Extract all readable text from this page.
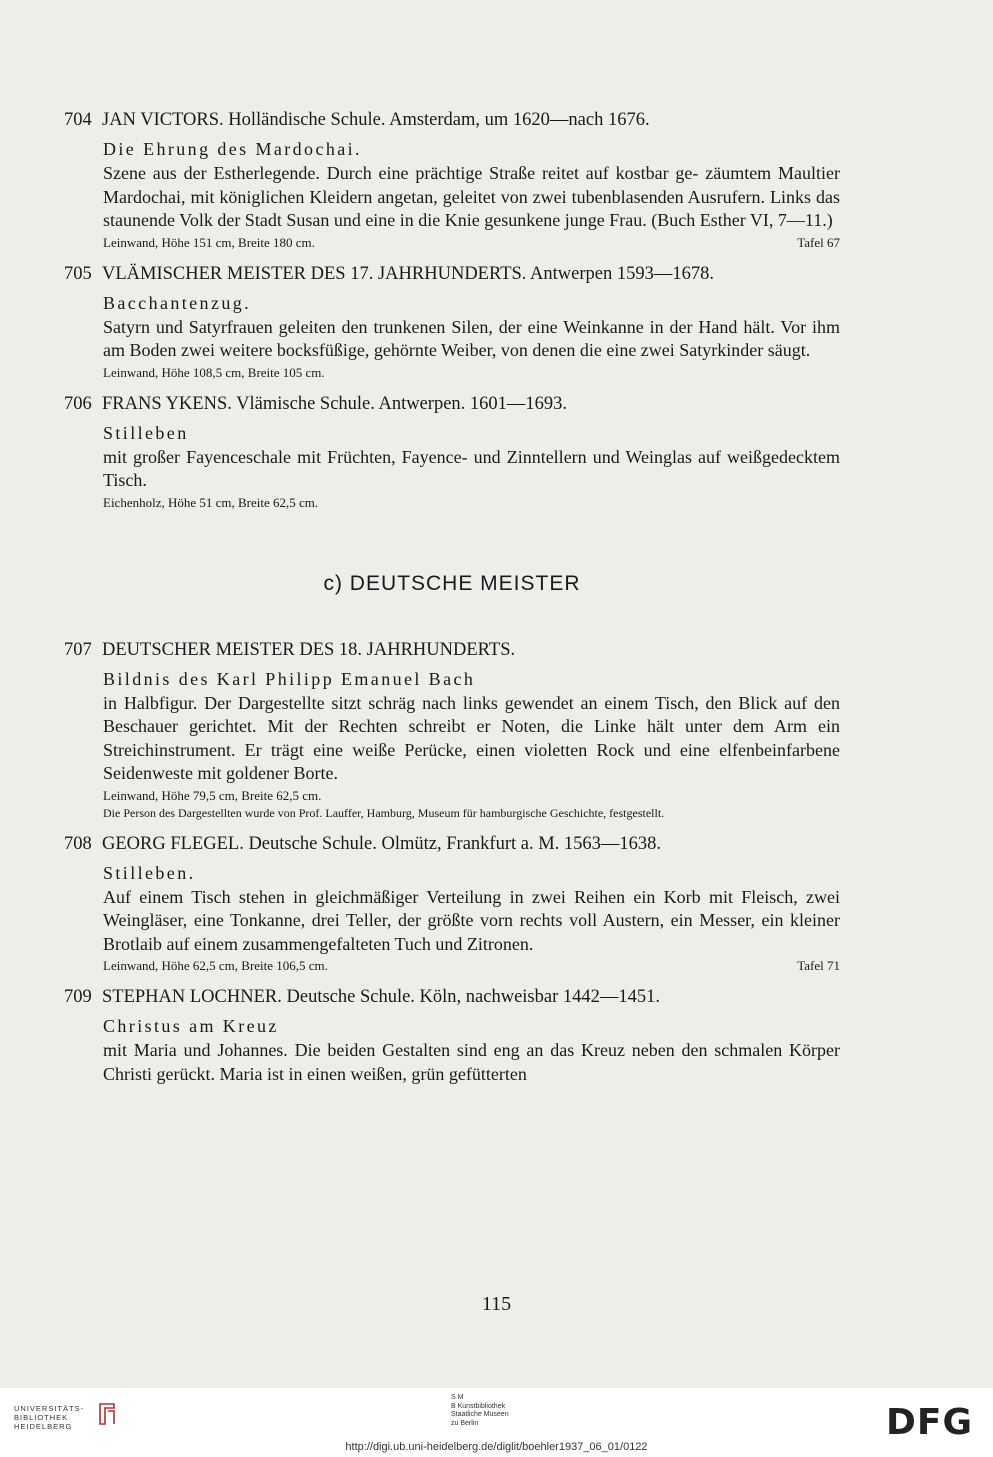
704 JAN VICTORS. Holländische Schule. Amsterdam, um 1620—nach 1676.
Die Ehrung des Mardochai.

Szene aus der Estherlegende. Durch eine prächtige Straße reitet auf kostbar ge- zäumtem Maultier Mardochai, mit königlichen Kleidern angetan, geleitet von zwei tubenblasenden Ausrufern. Links das staunende Volk der Stadt Susan und eine in die Knie gesunkene junge Frau. (Buch Esther VI, 7—11.)

Leinwand, Höhe 151 cm, Breite 180 cm.	Tafel 67
705 VLÄMISCHER MEISTER DES 17. JAHRHUNDERTS. Antwerpen 1593—1678.
Bacchantenzug.

Satyrn und Satyrfrauen geleiten den trunkenen Silen, der eine Weinkanne in der Hand hält. Vor ihm am Boden zwei weitere bocksfüßige, gehörnte Weiber, von denen die eine zwei Satyrkinder säugt.

Leinwand, Höhe 108,5 cm, Breite 105 cm.
706 FRANS YKENS. Vlämische Schule. Antwerpen. 1601—1693.
Stilleben

mit großer Fayenceschale mit Früchten, Fayence- und Zinntellern und Weinglas auf weißgedecktem Tisch.

Eichenholz, Höhe 51 cm, Breite 62,5 cm.
c) DEUTSCHE MEISTER
707 DEUTSCHER MEISTER DES 18. JAHRHUNDERTS.
Bildnis des Karl Philipp Emanuel Bach

in Halbfigur. Der Dargestellte sitzt schräg nach links gewendet an einem Tisch, den Blick auf den Beschauer gerichtet. Mit der Rechten schreibt er Noten, die Linke hält unter dem Arm ein Streichinstrument. Er trägt eine weiße Perücke, einen violetten Rock und eine elfenbeinfarbene Seidenweste mit goldener Borte.

Leinwand, Höhe 79,5 cm, Breite 62,5 cm.
Die Person des Dargestellten wurde von Prof. Lauffer, Hamburg, Museum für hamburgische Geschichte, festgestellt.
708 GEORG FLEGEL. Deutsche Schule. Olmütz, Frankfurt a. M. 1563—1638.
Stilleben.

Auf einem Tisch stehen in gleichmäßiger Verteilung in zwei Reihen ein Korb mit Fleisch, zwei Weingläser, eine Tonkanne, drei Teller, der größte vorn rechts voll Austern, ein Messer, ein kleiner Brotlaib auf einem zusammengefalteten Tuch und Zitronen.

Leinwand, Höhe 62,5 cm, Breite 106,5 cm.	Tafel 71
709 STEPHAN LOCHNER. Deutsche Schule. Köln, nachweisbar 1442—1451.
Christus am Kreuz

mit Maria und Johannes. Die beiden Gestalten sind eng an das Kreuz neben den schmalen Körper Christi gerückt. Maria ist in einen weißen, grün gefütterten

115
UNIVERSITÄTS-
BIBLIOTHEK
HEIDELBERG
S M
B Kunstbibliothek
Staatliche Museen
zu Berlin	DFG
http://digi.ub.uni-heidelberg.de/diglit/boehler1937_06_01/0122
